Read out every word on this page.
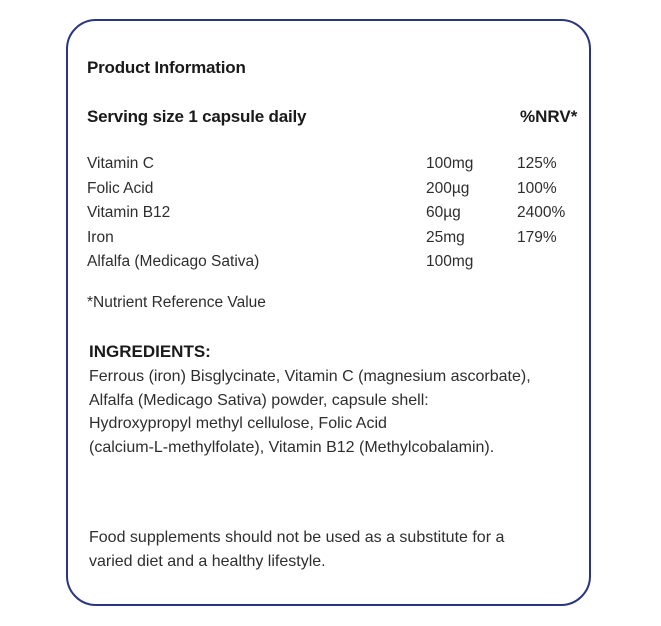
Product Information
Serving size 1 capsule daily	%NRV*
Vitamin C	100mg	125%
Folic Acid	200µg	100%
Vitamin B12	60µg	2400%
Iron	25mg	179%
Alfalfa (Medicago Sativa)	100mg
*Nutrient Reference Value
INGREDIENTS:
Ferrous (iron) Bisglycinate, Vitamin C (magnesium ascorbate),
Alfalfa (Medicago Sativa) powder, capsule shell:
Hydroxypropyl methyl cellulose, Folic Acid
(calcium-L-methylfolate), Vitamin B12 (Methylcobalamin).
Food supplements should not be used as a substitute for a
varied diet and a healthy lifestyle.
